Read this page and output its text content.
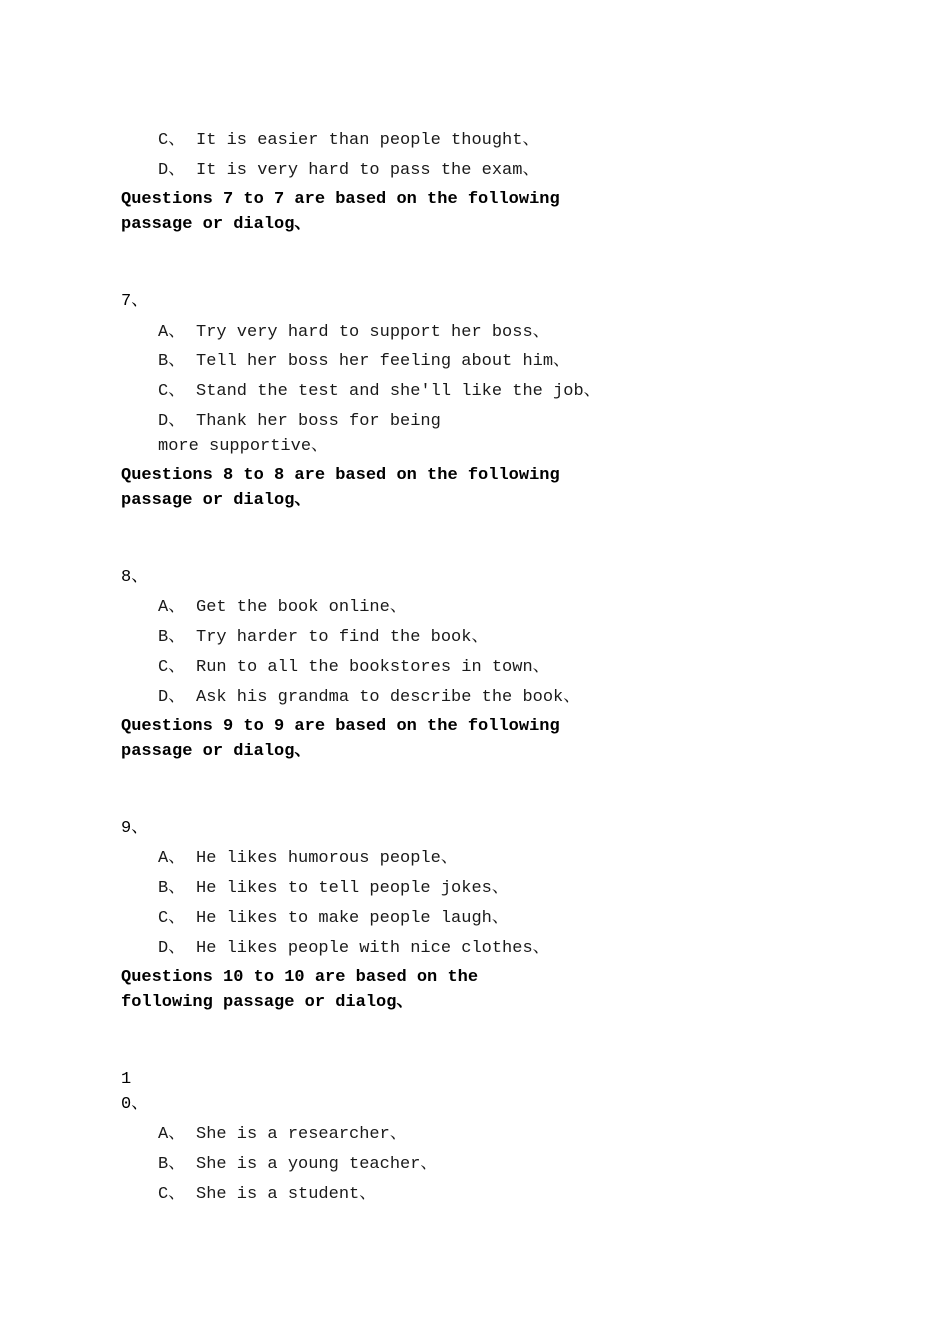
C、 It is easier than people thought、
D、 It is very hard to pass the exam、
Questions 7 to 7 are based on the following passage or dialog、
7、
A、 Try very hard to support her boss、
B、 Tell her boss her feeling about him、
C、 Stand the test and she'll like the job、
D、 Thank her boss for being more supportive、
Questions 8 to 8 are based on the following passage or dialog、
8、
A、 Get the book online、
B、 Try harder to find the book、
C、 Run to all the bookstores in town、
D、 Ask his grandma to describe the book、
Questions 9 to 9 are based on the following passage or dialog、
9、
A、 He likes humorous people、
B、 He likes to tell people jokes、
C、 He likes to make people laugh、
D、 He likes people with nice clothes、
Questions 10 to 10 are based on the following passage or dialog、
10、
A、 She is a researcher、
B、 She is a young teacher、
C、 She is a student、
